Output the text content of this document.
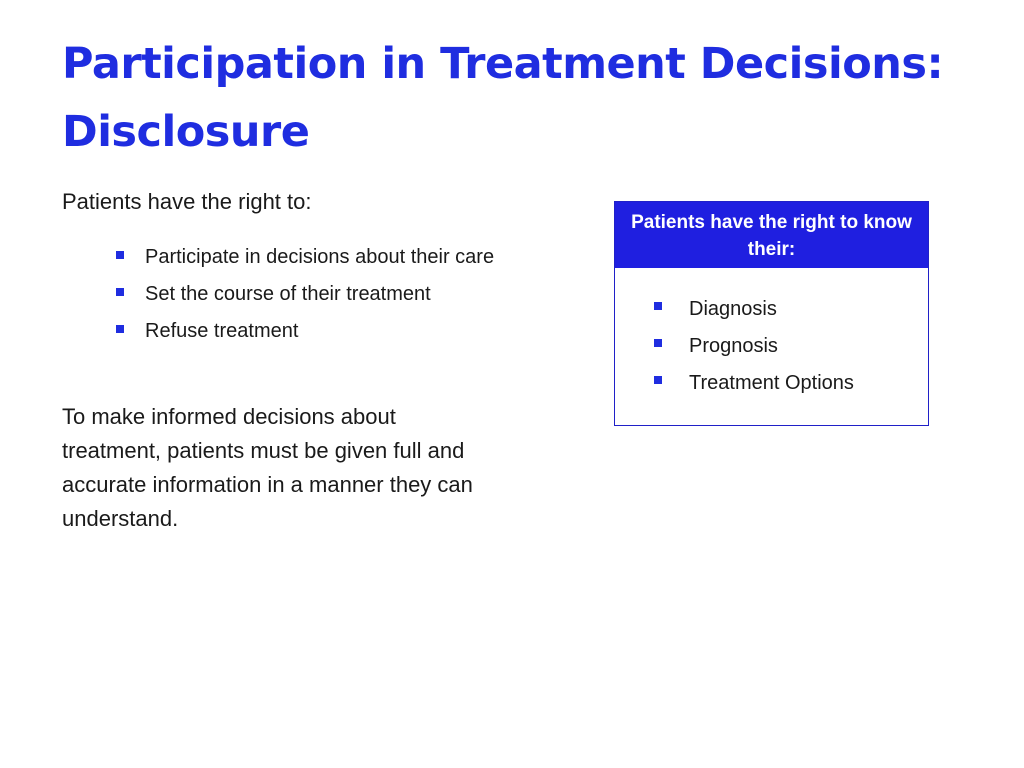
Participation in Treatment Decisions: Disclosure

Patients have the right to:

Participate in decisions about their care
Set the course of their treatment
Refuse treatment

To make informed decisions about treatment, patients must be given full and accurate information in a manner they can understand.

Patients have the right to know their:
Diagnosis
Prognosis
Treatment Options
